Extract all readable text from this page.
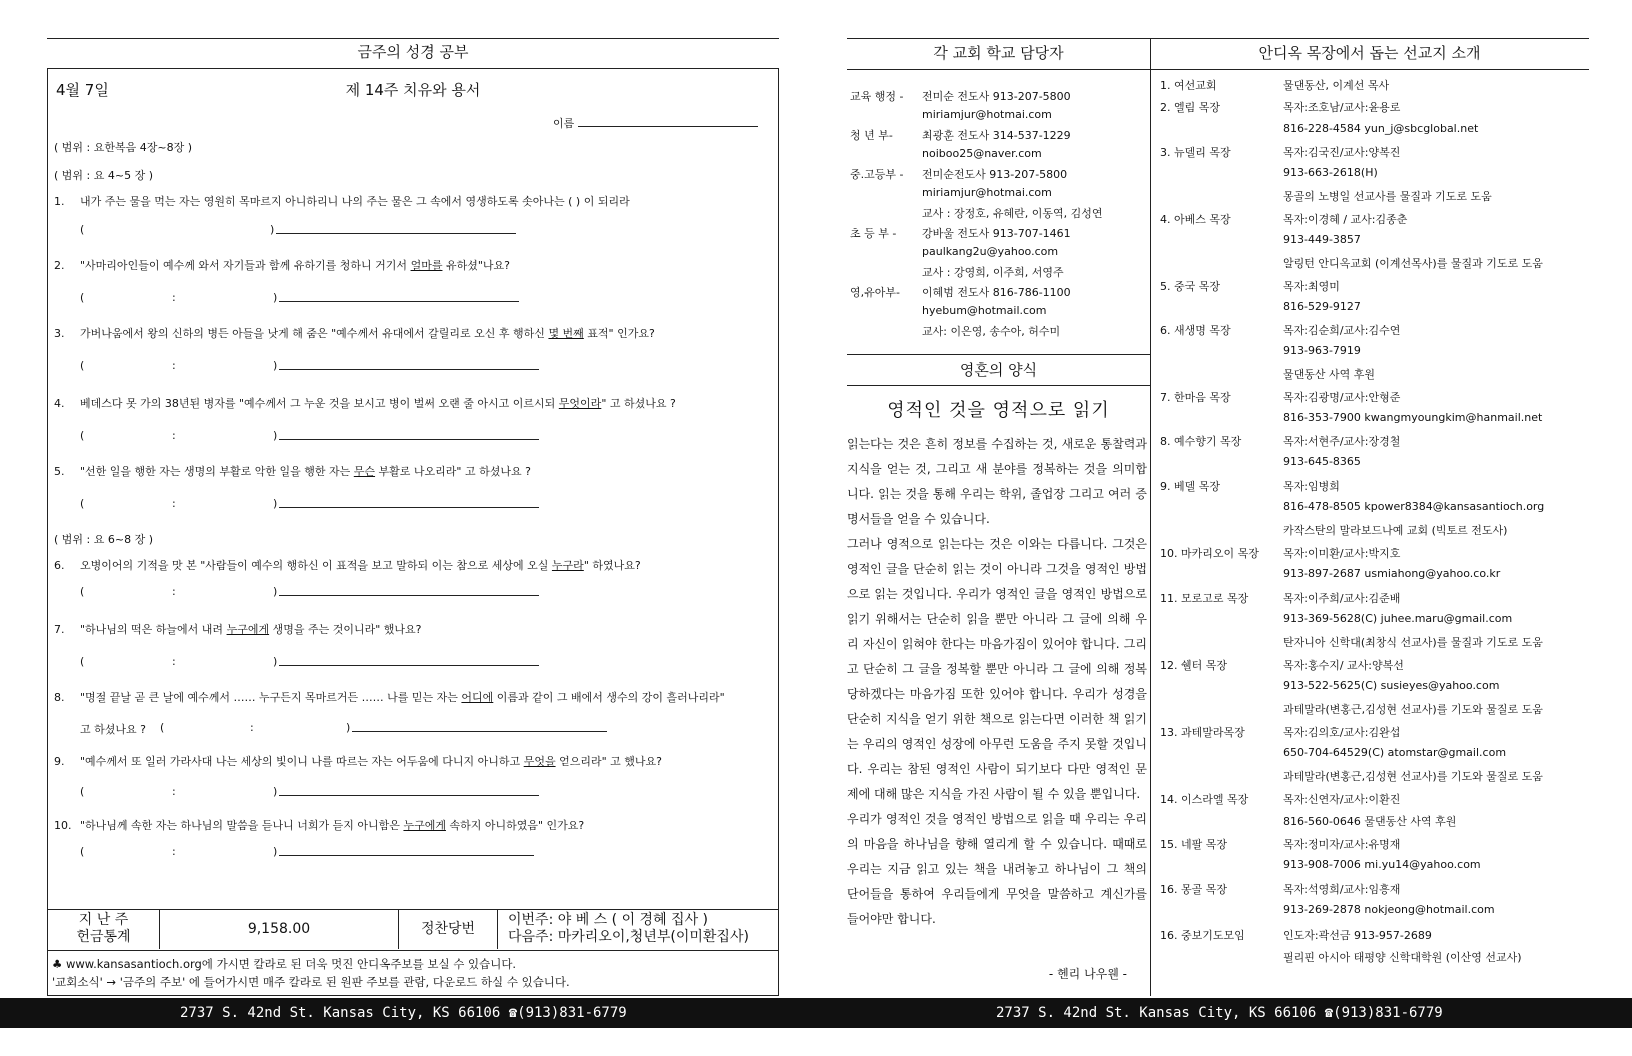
금주의 성경 공부
4월 7일	제 14주 치유와 용서
이름
( 범위 : 요한복음 4장~8장 )
( 범위 : 요 4~5 장 )
1. 내가 주는 물을 먹는 자는 영원히 목마르지 아니하리니 나의 주는 물은 그 속에서 영생하도록 솟아나는 ( ) 이 되리라
(	)
2. "사마리아인들이 예수께 와서 자기들과 함께 유하기를 청하니 거기서 얼마를 유하셨"나요?
(	:	)
3. 가버나움에서 왕의 신하의 병든 아들을 낫게 해 줌은 "예수께서 유대에서 갈릴리로 오신 후 행하신 몇 번째 표적" 인가요?
(	:	)
4. 베데스다 못 가의 38년된 병자를 "예수께서 그 누운 것을 보시고 병이 벌써 오랜 줄 아시고 이르시되 무엇이라" 고 하셨나요 ?
(	:	)
5. "선한 일을 행한 자는 생명의 부활로 악한 일을 행한 자는 무슨 부활로 나오리라" 고 하셨나요 ?
(	:	)
( 범위 : 요 6~8 장 )
6. 오병이어의 기적을 맛 본 "사람들이 예수의 행하신 이 표적을 보고 말하되 이는 참으로 세상에 오실 누구라" 하였나요?
(	:	)
7. "하나님의 떡은 하늘에서 내려 누구에게 생명을 주는 것이니라" 했나요?
(	:	)
8. "명절 끝날 곧 큰 날에 예수께서 …… 누구든지 목마르거든 …… 나를 믿는 자는 어디에 이름과 같이 그 배에서 생수의 강이 흘러나리라"
고 하셨나요 ? (	:	)
9. "예수께서 또 일러 가라사대 나는 세상의 빛이니 나를 따르는 자는 어두움에 다니지 아니하고 무엇을 얻으리라" 고 했나요?
(	:	)
10. "하나님께 속한 자는 하나님의 말씀을 듣나니 너희가 듣지 아니함은 누구에게 속하지 아니하였음" 인가요?
(	:	)
지 난 주
헌금통계	9,158.00	정찬당번
이번주: 야 베 스 ( 이 경혜 집사 )
다음주: 마카리오이,청년부(이미환집사)
♣ www.kansasantioch.org에 가시면 칼라로 된 더욱 멋진 안디옥주보를 보실 수 있습니다.
'교회소식' → '금주의 주보' 에 들어가시면 매주 칼라로 된 원판 주보를 관람, 다운로드 하실 수 있습니다.
각 교회 학교 담당자	안디옥 목장에서 돕는 선교지 소개
교육 행정 - 전미순 전도사 913-207-5800
miriamjur@hotmai.com
청 년 부-	최광훈 전도사 314-537-1229
noiboo25@naver.com
중.고등부 - 전미순전도사 913-207-5800
miriamjur@hotmai.com
교사 : 장정호, 유혜란, 이동역, 김성연
초 등 부 - 강바울 전도사 913-707-1461
paulkang2u@yahoo.com
교사 : 강영희, 이주희, 서영주
영,유아부- 이혜범 전도사 816-786-1100
hyebum@hotmail.com
교사: 이은영, 송수아, 허수미
영혼의 양식
영적인 것을 영적으로 읽기

읽는다는 것은 흔히 정보를 수집하는 것, 새로운 통찰력과 지식을 얻는 것, 그리고 새 분야를 정복하는 것을 의미합니다. 읽는 것을 통해 우리는 학위, 졸업장 그리고 여러 증명서들을 얻을 수 있습니다.

그러나 영적으로 읽는다는 것은 이와는 다릅니다. 그것은 영적인 글을 단순히 읽는 것이 아니라 그것을 영적인 방법으로 읽는 것입니다. 우리가 영적인 글을 영적인 방법으로 읽기 위해서는 단순히 읽을 뿐만 아니라 그 글에 의해 우리 자신이 읽혀야 한다는 마음가짐이 있어야 합니다. 그리고 단순히 그 글을 정복할 뿐만 아니라 그 글에 의해 정복당하겠다는 마음가짐 또한 있어야 합니다. 우리가 성경을 단순히 지식을 얻기 위한 책으로 읽는다면 이러한 책 읽기는 우리의 영적인 성장에 아무런 도움을 주지 못할 것입니다. 우리는 참된 영적인 사람이 되기보다 다만 영적인 문제에 대해 많은 지식을 가진 사람이 될 수 있을 뿐입니다.

우리가 영적인 것을 영적인 방법으로 읽을 때 우리는 우리의 마음을 하나님을 향해 열리게 할 수 있습니다. 때때로 우리는 지금 읽고 있는 책을 내려놓고 하나님이 그 책의 단어들을 통하여 우리들에게 무엇을 말씀하고 계신가를 들어야만 합니다.

- 헨리 나우웬 -
1. 여선교회	물댄동산, 이계선 목사
2. 엘림 목장	목자:조호남/교사:윤용로
816-228-4584 yun_j@sbcglobal.net
3. 뉴델리 목장	목자:김국진/교사:양복진
913-663-2618(H)
몽골의 노병일 선교사를 물질과 기도로 도움
4. 아베스 목장	목자:이경혜 / 교사:김종춘
913-449-3857
알링턴 안디옥교회 (이계선목사)를 물질과 기도로 도움
5. 중국 목장	목자:최영미
816-529-9127
6. 새생명 목장	목자:김순희/교사:김수연
913-963-7919
물댄동산 사역 후원
7. 한마음 목장	목자:김광명/교사:안형준
816-353-7900 kwangmyoungkim@hanmail.net
8. 예수향기 목장	목자:서현주/교사:장경철
913-645-8365
9. 베델 목장	목자:임병희
816-478-8505 kpower8384@kansasantioch.org
카작스탄의 말라보드나예 교회 (빅토르 전도사)
10. 마카리오이 목장 목자:이미환/교사:박지호
913-897-2687 usmiahong@yahoo.co.kr
11. 모로고로 목장	목자:이주희/교사:김준배
913-369-5628(C) juhee.maru@gmail.com
탄자니아 신학대(최창식 선교사)를 물질과 기도로 도움
12. 쉘터 목장	목자:홍수지/ 교사:양복선
913-522-5625(C) susieyes@yahoo.com
과테말라(변홍근,김성현 선교사)를 기도와 물질로 도움
13. 과테말라목장	목자:김의호/교사:김완섭
650-704-64529(C) atomstar@gmail.com
과테말라(변홍근,김성현 선교사)를 기도와 물질로 도움
14. 이스라엘 목장	목자:신연자/교사:이환진
816-560-0646 물댄동산 사역 후원
15. 네팔 목장	목자:정미자/교사:유명재
913-908-7006 mi.yu14@yahoo.com
16. 몽골 목장	목자:석영희/교사:임흥재
913-269-2878 nokjeong@hotmail.com
16. 중보기도모임	인도자:곽선금 913-957-2689
필리핀 아시아 태평양 신학대학원 (이산영 선교사)
2737 S. 42nd St. Kansas City, KS 66106 ☎(913)831-6779	2737 S. 42nd St. Kansas City, KS 66106 ☎(913)831-6779
